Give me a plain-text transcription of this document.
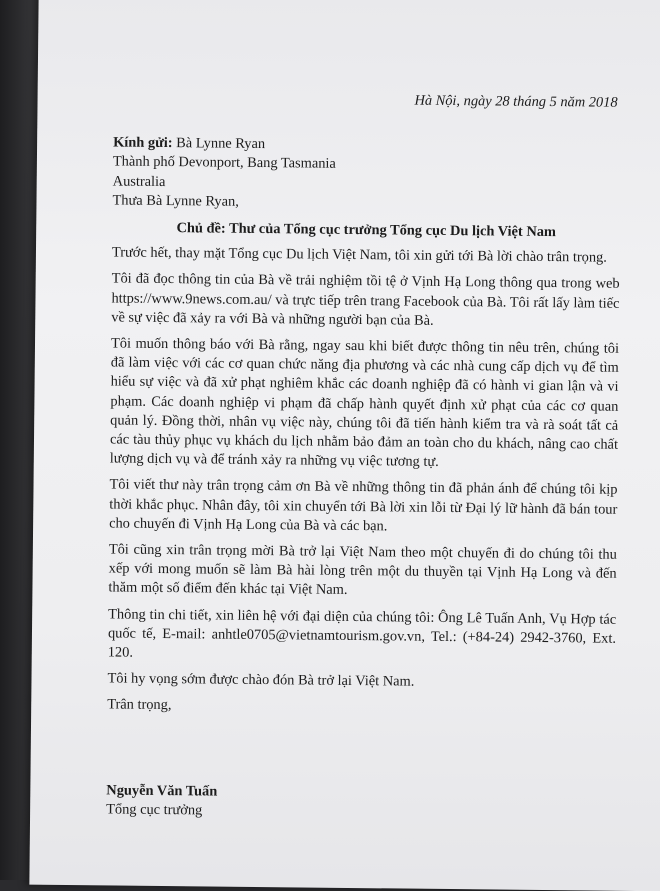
Hà Nội, ngày 28 tháng 5 năm 2018

Kính gửi: Bà Lynne Ryan

Thành phố Devonport, Bang Tasmania

Australia

Thưa Bà Lynne Ryan,

Chủ đề: Thư của Tổng cục trưởng Tổng cục Du lịch Việt Nam

Trước hết, thay mặt Tổng cục Du lịch Việt Nam, tôi xin gửi tới Bà lời chào trân trọng.

Tôi đã đọc thông tin của Bà về trải nghiệm tồi tệ ở Vịnh Hạ Long thông qua trong web https://www.9news.com.au/ và trực tiếp trên trang Facebook của Bà. Tôi rất lấy làm tiếc về sự việc đã xảy ra với Bà và những người bạn của Bà.

Tôi muốn thông báo với Bà rằng, ngay sau khi biết được thông tin nêu trên, chúng tôi đã làm việc với các cơ quan chức năng địa phương và các nhà cung cấp dịch vụ để tìm hiểu sự việc và đã xử phạt nghiêm khắc các doanh nghiệp đã có hành vi gian lận và vi phạm. Các doanh nghiệp vi phạm đã chấp hành quyết định xử phạt của các cơ quan quản lý. Đồng thời, nhân vụ việc này, chúng tôi đã tiến hành kiểm tra và rà soát tất cả các tàu thủy phục vụ khách du lịch nhằm bảo đảm an toàn cho du khách, nâng cao chất lượng dịch vụ và để tránh xảy ra những vụ việc tương tự.

Tôi viết thư này trân trọng cảm ơn Bà về những thông tin đã phản ánh để chúng tôi kịp thời khắc phục. Nhân đây, tôi xin chuyển tới Bà lời xin lỗi từ Đại lý lữ hành đã bán tour cho chuyến đi Vịnh Hạ Long của Bà và các bạn.

Tôi cũng xin trân trọng mời Bà trở lại Việt Nam theo một chuyến đi do chúng tôi thu xếp với mong muốn sẽ làm Bà hài lòng trên một du thuyền tại Vịnh Hạ Long và đến thăm một số điểm đến khác tại Việt Nam.

Thông tin chi tiết, xin liên hệ với đại diện của chúng tôi: Ông Lê Tuấn Anh, Vụ Hợp tác quốc tế, E-mail: anhtle0705@vietnamtourism.gov.vn, Tel.: (+84-24) 2942-3760, Ext. 120.

Tôi hy vọng sớm được chào đón Bà trở lại Việt Nam.

Trân trọng,

Nguyễn Văn Tuấn

Tổng cục trưởng
